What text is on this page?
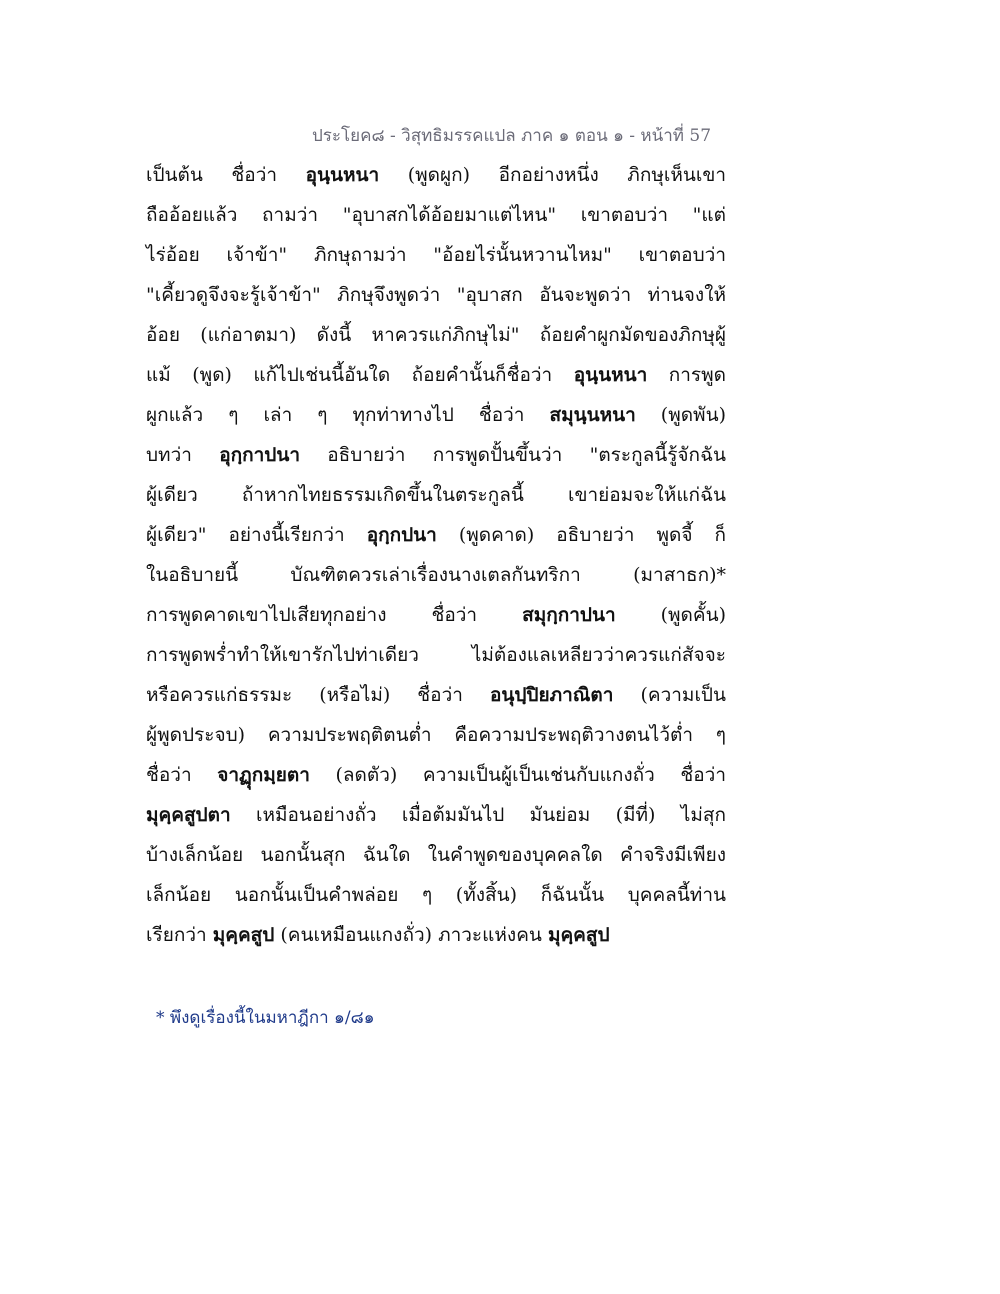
ประโยค๘ - วิสุทธิมรรคแปล ภาค ๑ ตอน ๑ - หน้าที่ 57
เป็นต้น ชื่อว่า อุนฺนหนา (พูดผูก) อีกอย่างหนึ่ง ภิกษุเห็นเขา
ถืออ้อยแล้ว ถามว่า "อุบาสกได้อ้อยมาแต่ไหน" เขาตอบว่า "แต่
ไร่อ้อย เจ้าข้า" ภิกษุถามว่า "อ้อยไร่นั้นหวานไหม" เขาตอบว่า
"เคี้ยวดูจึงจะรู้เจ้าข้า" ภิกษุจึงพูดว่า "อุบาสก อันจะพูดว่า ท่านจงให้
อ้อย (แก่อาตมา) ดังนี้ หาควรแก่ภิกษุไม่" ถ้อยคำผูกมัดของภิกษุผู้
แม้ (พูด) แก้ไปเช่นนี้อันใด ถ้อยคำนั้นก็ชื่อว่า อุนฺนหนา การพูด
ผูกแล้ว ๆ เล่า ๆ ทุกท่าทางไป ชื่อว่า สมุนฺนหนา (พูดพัน)
บทว่า อุกฺกาปนา อธิบายว่า การพูดปั้นขึ้นว่า "ตระกูลนี้รู้จักฉัน
ผู้เดียว ถ้าหากไทยธรรมเกิดขึ้นในตระกูลนี้ เขาย่อมจะให้แก่ฉัน
ผู้เดียว" อย่างนี้เรียกว่า อุกฺกปนา (พูดคาด) อธิบายว่า พูดจี้ ก็
ในอธิบายนี้ บัณฑิตควรเล่าเรื่องนางเตลกันทริกา (มาสาธก)*
การพูดคาดเขาไปเสียทุกอย่าง ชื่อว่า สมุกฺกาปนา (พูดคั้น)
การพูดพร่ำทำให้เขารักไปท่าเดียว ไม่ต้องแลเหลียวว่าควรแก่สัจจะ
หรือควรแก่ธรรมะ (หรือไม่) ชื่อว่า อนุปฺปิยภาณิตา (ความเป็น
ผู้พูดประจบ) ความประพฤติตนต่ำ คือความประพฤติวางตนไว้ต่ำ ๆ
ชื่อว่า จาฏุกมฺยตา (ลดตัว) ความเป็นผู้เป็นเช่นกับแกงถั่ว ชื่อว่า
มุคฺคสูปตา เหมือนอย่างถั่ว เมื่อต้มมันไป มันย่อม (มีที่) ไม่สุก
บ้างเล็กน้อย นอกนั้นสุก ฉันใด ในคำพูดของบุคคลใด คำจริงมีเพียง
เล็กน้อย นอกนั้นเป็นคำพล่อย ๆ (ทั้งสิ้น) ก็ฉันนั้น บุคคลนี้ท่าน
เรียกว่า มุคฺคสูป (คนเหมือนแกงถั่ว) ภาวะแห่งคน มุคฺคสูป
* พึงดูเรื่องนี้ในมหาฎีกา ๑/๘๑
